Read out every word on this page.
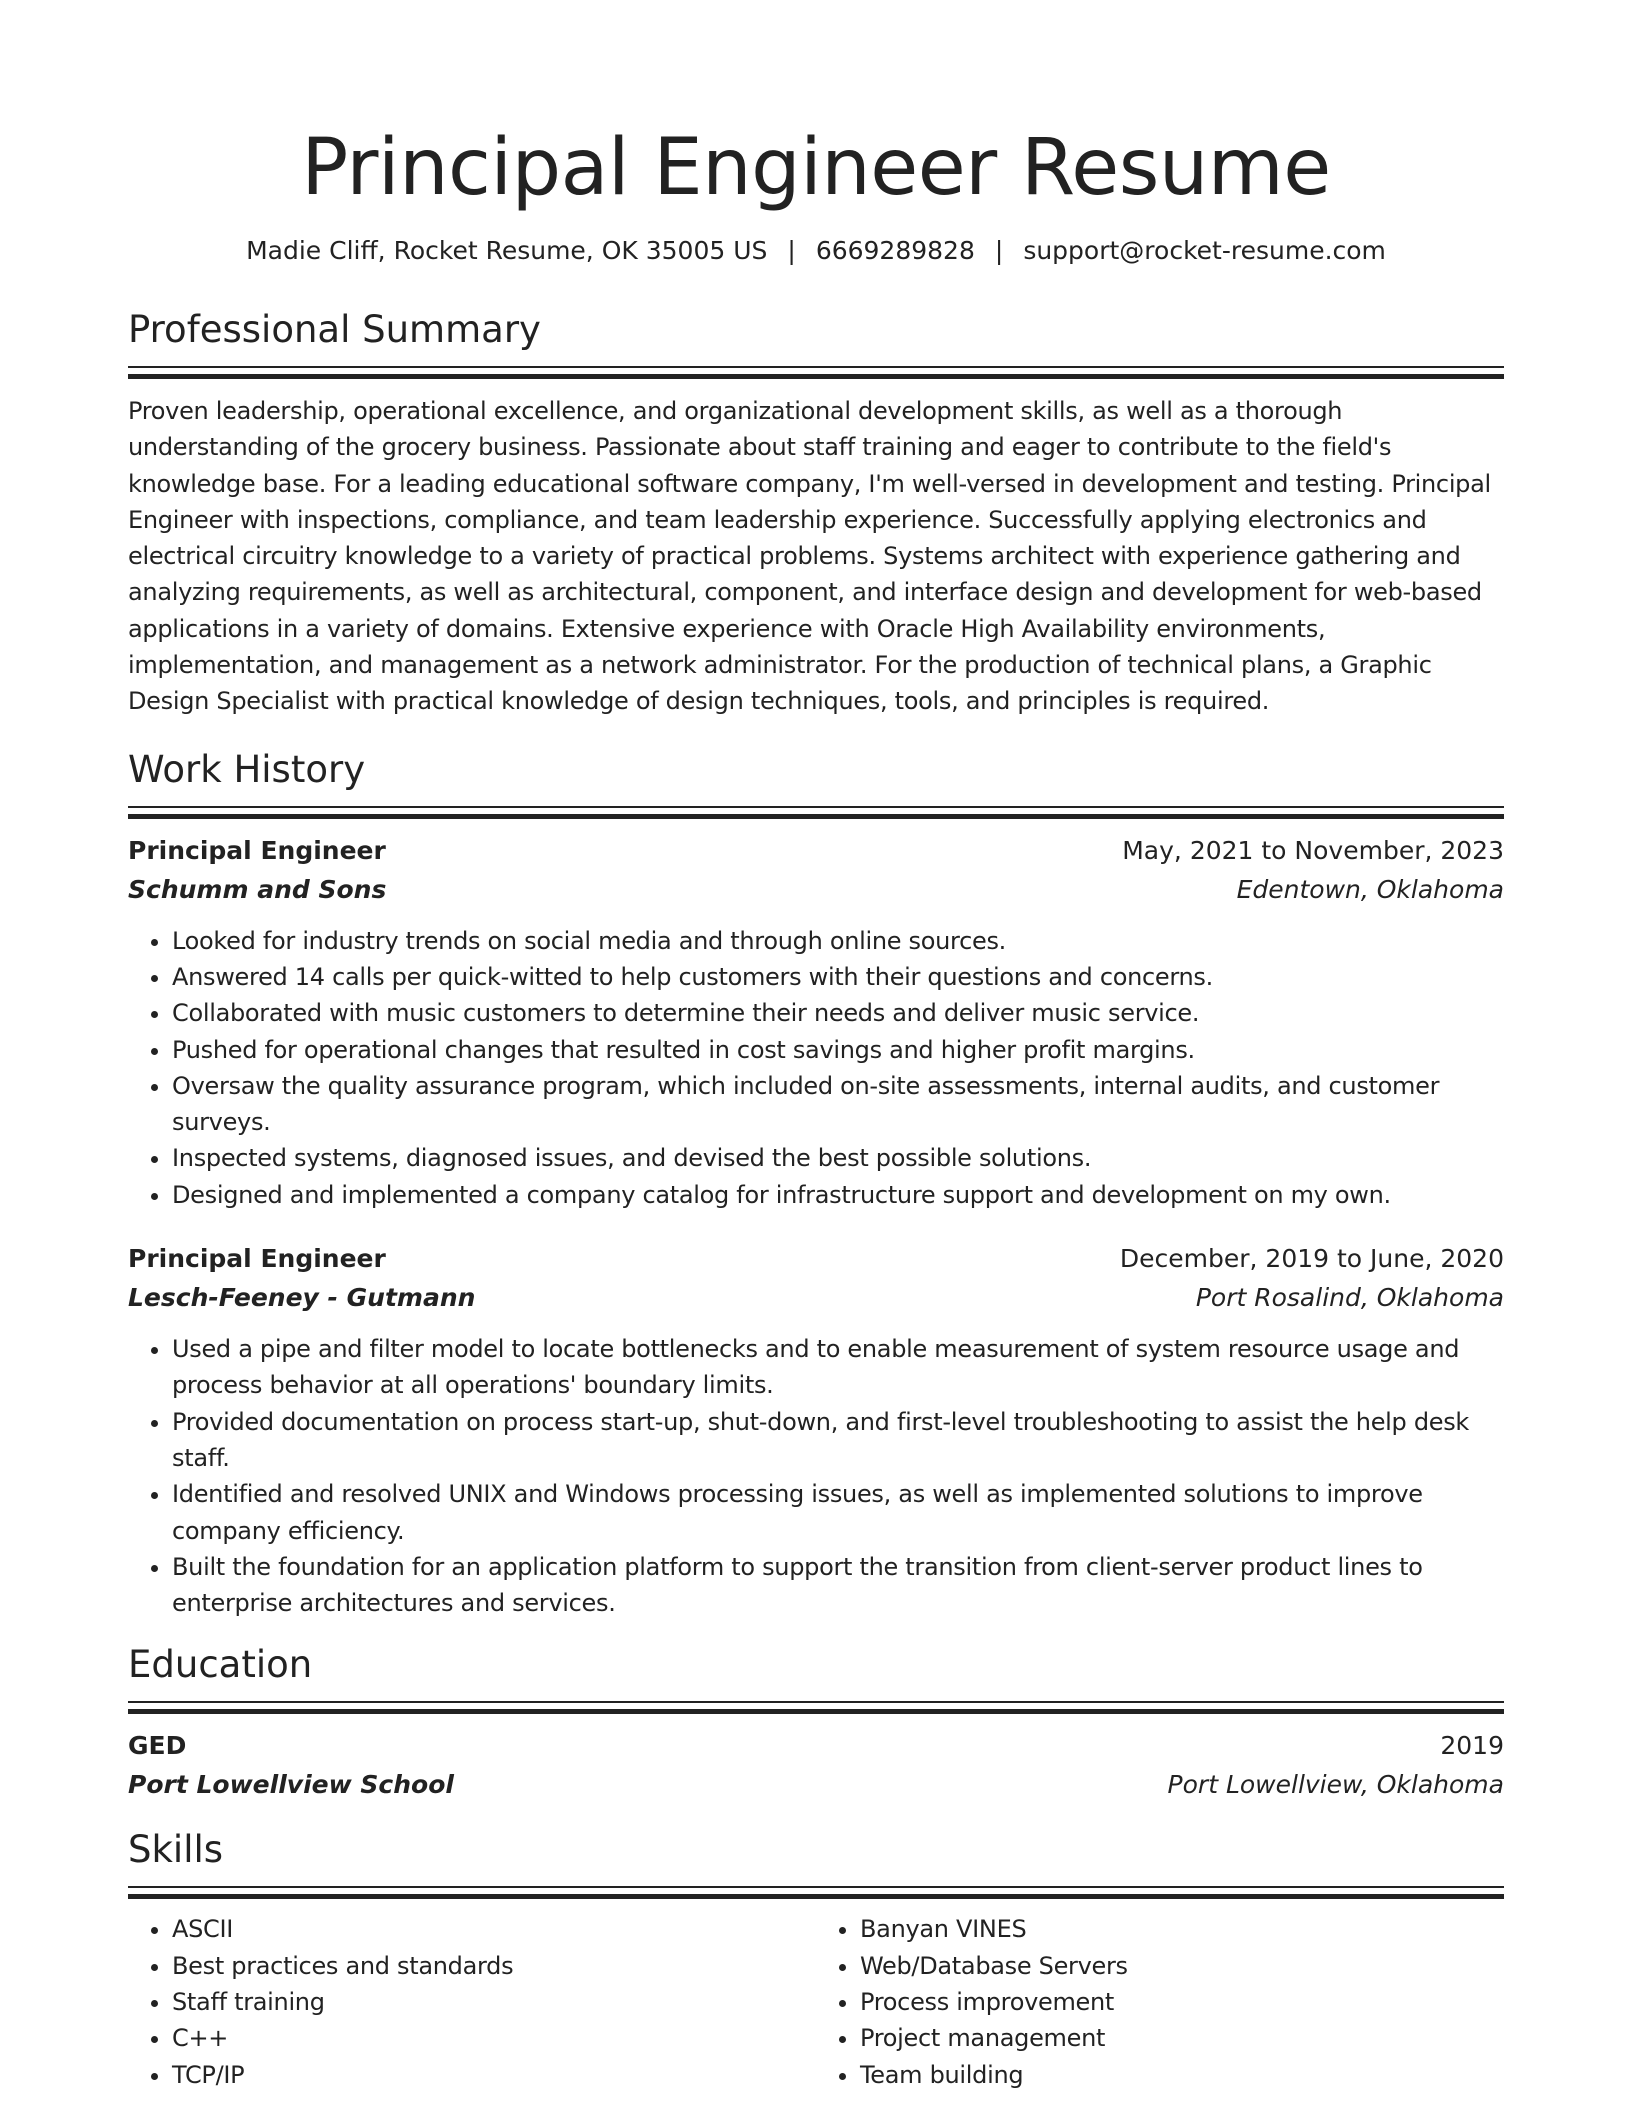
Principal Engineer Resume
Madie Cliff, Rocket Resume, OK 35005 US | 6669289828 | support@rocket-resume.com
Professional Summary

Proven leadership, operational excellence, and organizational development skills, as well as a thorough understanding of the grocery business. Passionate about staff training and eager to contribute to the field's knowledge base. For a leading educational software company, I'm well-versed in development and testing. Principal Engineer with inspections, compliance, and team leadership experience. Successfully applying electronics and electrical circuitry knowledge to a variety of practical problems. Systems architect with experience gathering and analyzing requirements, as well as architectural, component, and interface design and development for web-based applications in a variety of domains. Extensive experience with Oracle High Availability environments, implementation, and management as a network administrator. For the production of technical plans, a Graphic Design Specialist with practical knowledge of design techniques, tools, and principles is required.

Work History
Principal Engineer	May, 2021 to November, 2023
Schumm and Sons	Edentown, Oklahoma
• Looked for industry trends on social media and through online sources.
• Answered 14 calls per quick-witted to help customers with their questions and concerns.
• Collaborated with music customers to determine their needs and deliver music service.
• Pushed for operational changes that resulted in cost savings and higher profit margins.
• Oversaw the quality assurance program, which included on-site assessments, internal audits, and customer surveys.
• Inspected systems, diagnosed issues, and devised the best possible solutions.
• Designed and implemented a company catalog for infrastructure support and development on my own.
Principal Engineer	December, 2019 to June, 2020
Lesch-Feeney - Gutmann	Port Rosalind, Oklahoma
• Used a pipe and filter model to locate bottlenecks and to enable measurement of system resource usage and process behavior at all operations' boundary limits.
• Provided documentation on process start-up, shut-down, and first-level troubleshooting to assist the help desk staff.
• Identified and resolved UNIX and Windows processing issues, as well as implemented solutions to improve company efficiency.
• Built the foundation for an application platform to support the transition from client-server product lines to enterprise architectures and services.
Education
GED	2019
Port Lowellview School	Port Lowellview, Oklahoma
Skills
• ASCII
• Best practices and standards
• Staff training
• C++
• TCP/IP
• Banyan VINES
• Web/Database Servers
• Process improvement
• Project management
• Team building
